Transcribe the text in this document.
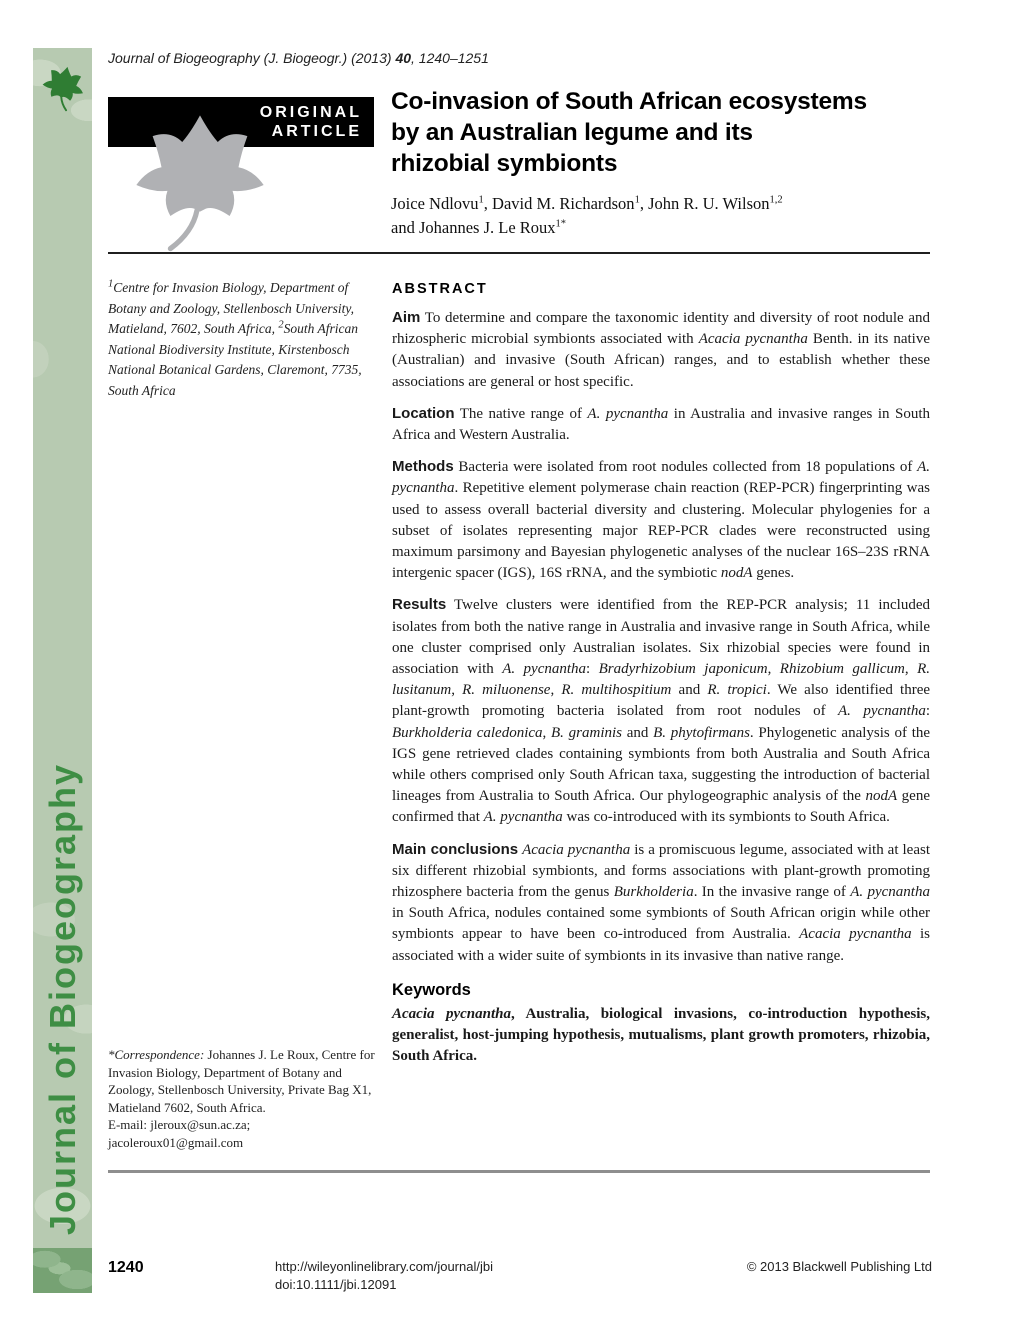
Journal of Biogeography
Journal of Biogeography (J. Biogeogr.) (2013) 40, 1240–1251
ORIGINAL
ARTICLE
Co-invasion of South African ecosystems
by an Australian legume and its
rhizobial symbionts
Joice Ndlovu$^1$, David M. Richardson$^1$, John R. U. Wilson$^{1,2}$
and Johannes J. Le Roux$^{1*}$
$^1$Centre for Invasion Biology, Department of Botany and Zoology, Stellenbosch University, Matieland, 7602, South Africa, $^2$South African National Biodiversity Institute, Kirstenbosch National Botanical Gardens, Claremont, 7735, South Africa
*Correspondence: Johannes J. Le Roux, Centre for Invasion Biology, Department of Botany and Zoology, Stellenbosch University, Private Bag X1, Matieland 7602, South Africa.
E-mail: jleroux@sun.ac.za;
jacoleroux01@gmail.com
ABSTRACT

Aim To determine and compare the taxonomic identity and diversity of root nodule and rhizospheric microbial symbionts associated with Acacia pycnantha Benth. in its native (Australian) and invasive (South African) ranges, and to establish whether these associations are general or host specific.

Location The native range of A. pycnantha in Australia and invasive ranges in South Africa and Western Australia.

Methods Bacteria were isolated from root nodules collected from 18 populations of A. pycnantha. Repetitive element polymerase chain reaction (REP-PCR) fingerprinting was used to assess overall bacterial diversity and clustering. Molecular phylogenies for a subset of isolates representing major REP-PCR clades were reconstructed using maximum parsimony and Bayesian phylogenetic analyses of the nuclear 16S–23S rRNA intergenic spacer (IGS), 16S rRNA, and the symbiotic nodA genes.

Results Twelve clusters were identified from the REP-PCR analysis; 11 included isolates from both the native range in Australia and invasive range in South Africa, while one cluster comprised only Australian isolates. Six rhizobial species were found in association with A. pycnantha: Bradyrhizobium japonicum, Rhizobium gallicum, R. lusitanum, R. miluonense, R. multihospitium and R. tropici. We also identified three plant-growth promoting bacteria isolated from root nodules of A. pycnantha: Burkholderia caledonica, B. graminis and B. phytofirmans. Phylogenetic analysis of the IGS gene retrieved clades containing symbionts from both Australia and South Africa while others comprised only South African taxa, suggesting the introduction of bacterial lineages from Australia to South Africa. Our phylogeographic analysis of the nodA gene confirmed that A. pycnantha was co-introduced with its symbionts to South Africa.

Main conclusions Acacia pycnantha is a promiscuous legume, associated with at least six different rhizobial symbionts, and forms associations with plant-growth promoting rhizosphere bacteria from the genus Burkholderia. In the invasive range of A. pycnantha in South Africa, nodules contained some symbionts of South African origin while other symbionts appear to have been co-introduced from Australia. Acacia pycnantha is associated with a wider suite of symbionts in its invasive than native range.

Keywords

Acacia pycnantha, Australia, biological invasions, co-introduction hypothesis, generalist, host-jumping hypothesis, mutualisms, plant growth promoters, rhizobia, South Africa.

1240	http://wileyonlinelibrary.com/journal/jbi
doi:10.1111/jbi.12091
© 2013 Blackwell Publishing Ltd
